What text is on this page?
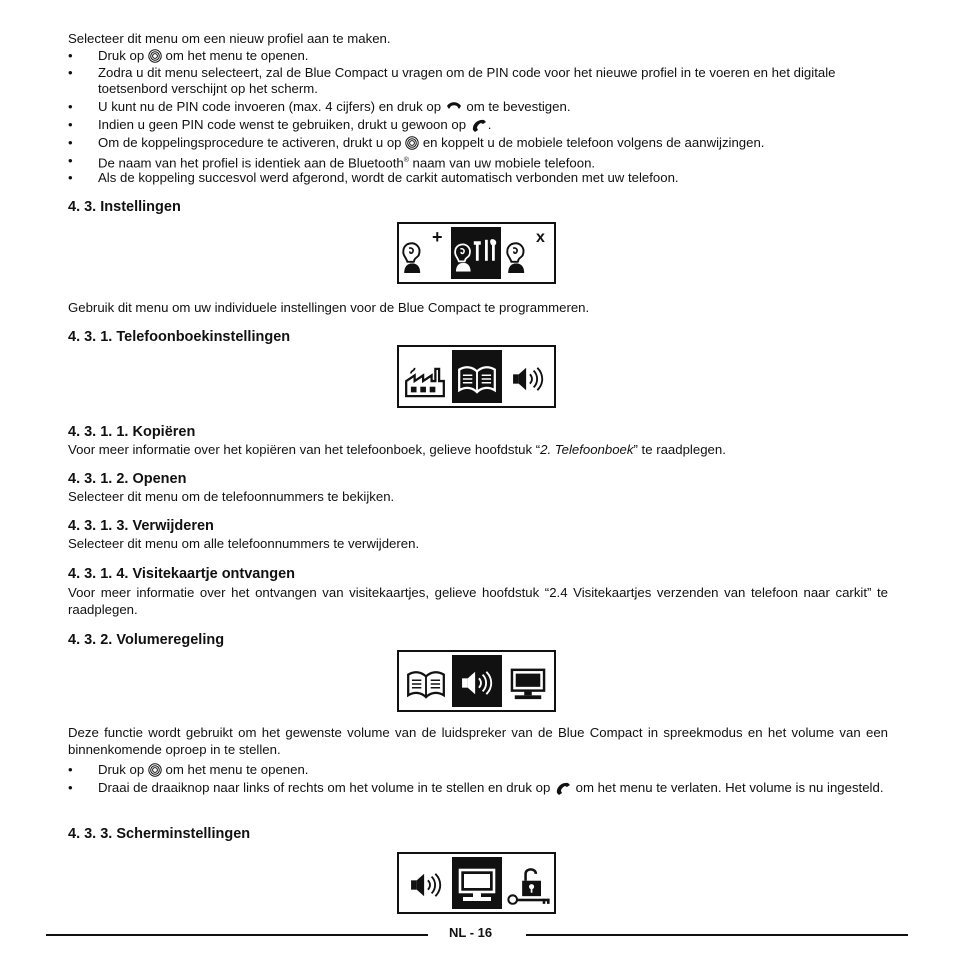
Selecteer dit menu om een nieuw profiel aan te maken.
• Druk op  om het menu te openen.
• Zodra u dit menu selecteert, zal de Blue Compact u vragen om de PIN code voor het nieuwe profiel in te voeren en het digitale toetsenbord verschijnt op het scherm.
• U kunt nu de PIN code invoeren (max. 4 cijfers) en druk op  om te bevestigen.
• Indien u geen PIN code wenst te gebruiken, drukt u gewoon op .
• Om de koppelingsprocedure te activeren, drukt u op  en koppelt u de mobiele telefoon volgens de aanwijzingen.
• De naam van het profiel is identiek aan de Bluetooth® naam van uw mobiele telefoon.
• Als de koppeling succesvol werd afgerond, wordt de carkit automatisch verbonden met uw telefoon.
4. 3. Instellingen
+	x
Gebruik dit menu om uw individuele instellingen voor de Blue Compact te programmeren.
4. 3. 1. Telefoonboekinstellingen
4. 3. 1. 1. Kopiëren
Voor meer informatie over het kopiëren van het telefoonboek, gelieve hoofdstuk “2. Telefoonboek” te raadplegen.
4. 3. 1. 2. Openen
Selecteer dit menu om de telefoonnummers te bekijken.
4. 3. 1. 3. Verwijderen
Selecteer dit menu om alle telefoonnummers te verwijderen.
4. 3. 1. 4. Visitekaartje ontvangen
Voor meer informatie over het ontvangen van visitekaartjes, gelieve hoofdstuk “2.4 Visitekaartjes verzenden van telefoon naar carkit” te raadplegen.
4. 3. 2. Volumeregeling
Deze functie wordt gebruikt om het gewenste volume van de luidspreker van de Blue Compact in spreekmodus en het volume van een binnenkomende oproep in te stellen.
• Druk op  om het menu te openen.
• Draai de draaiknop naar links of rechts om het volume in te stellen en druk op  om het menu te verlaten. Het volume is nu ingesteld.
4. 3. 3. Scherminstellingen
NL - 16
